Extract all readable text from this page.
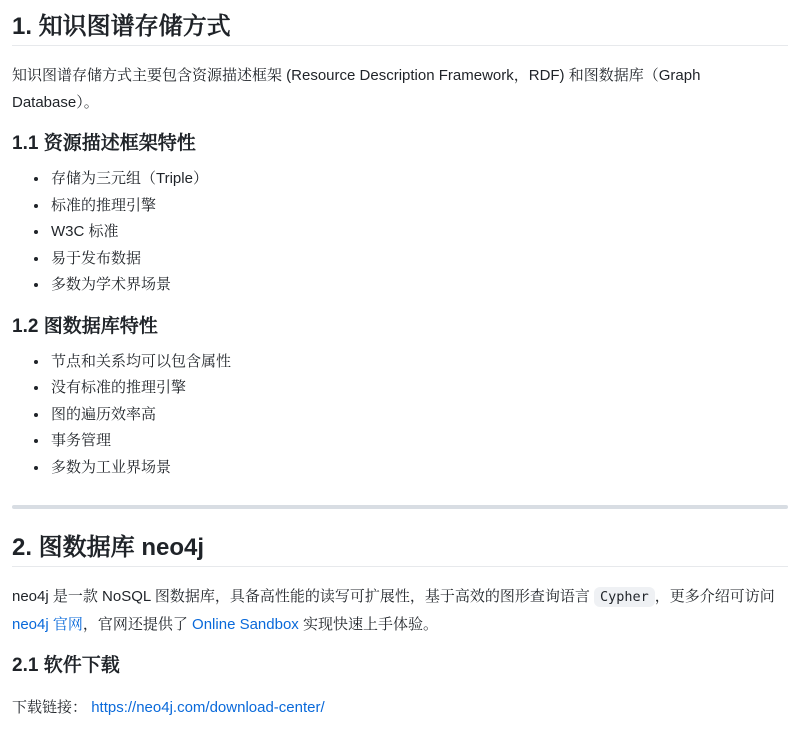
1. 知识图谱存储方式

知识图谱存储方式主要包含资源描述框架 (Resource Description Framework，RDF) 和图数据库（Graph Database）。

1.1 资源描述框架特性
• 存储为三元组（Triple）
• 标准的推理引擎
• W3C 标准
• 易于发布数据
• 多数为学术界场景
1.2 图数据库特性
• 节点和关系均可以包含属性
• 没有标准的推理引擎
• 图的遍历效率高
• 事务管理
• 多数为工业界场景
2. 图数据库 neo4j

neo4j 是一款 NoSQL 图数据库，具备高性能的读写可扩展性，基于高效的图形查询语言 Cypher ，更多介绍可访问 neo4j 官网，官网还提供了 Online Sandbox 实现快速上手体验。

2.1 软件下载

下载链接： https://neo4j.com/download-center/
